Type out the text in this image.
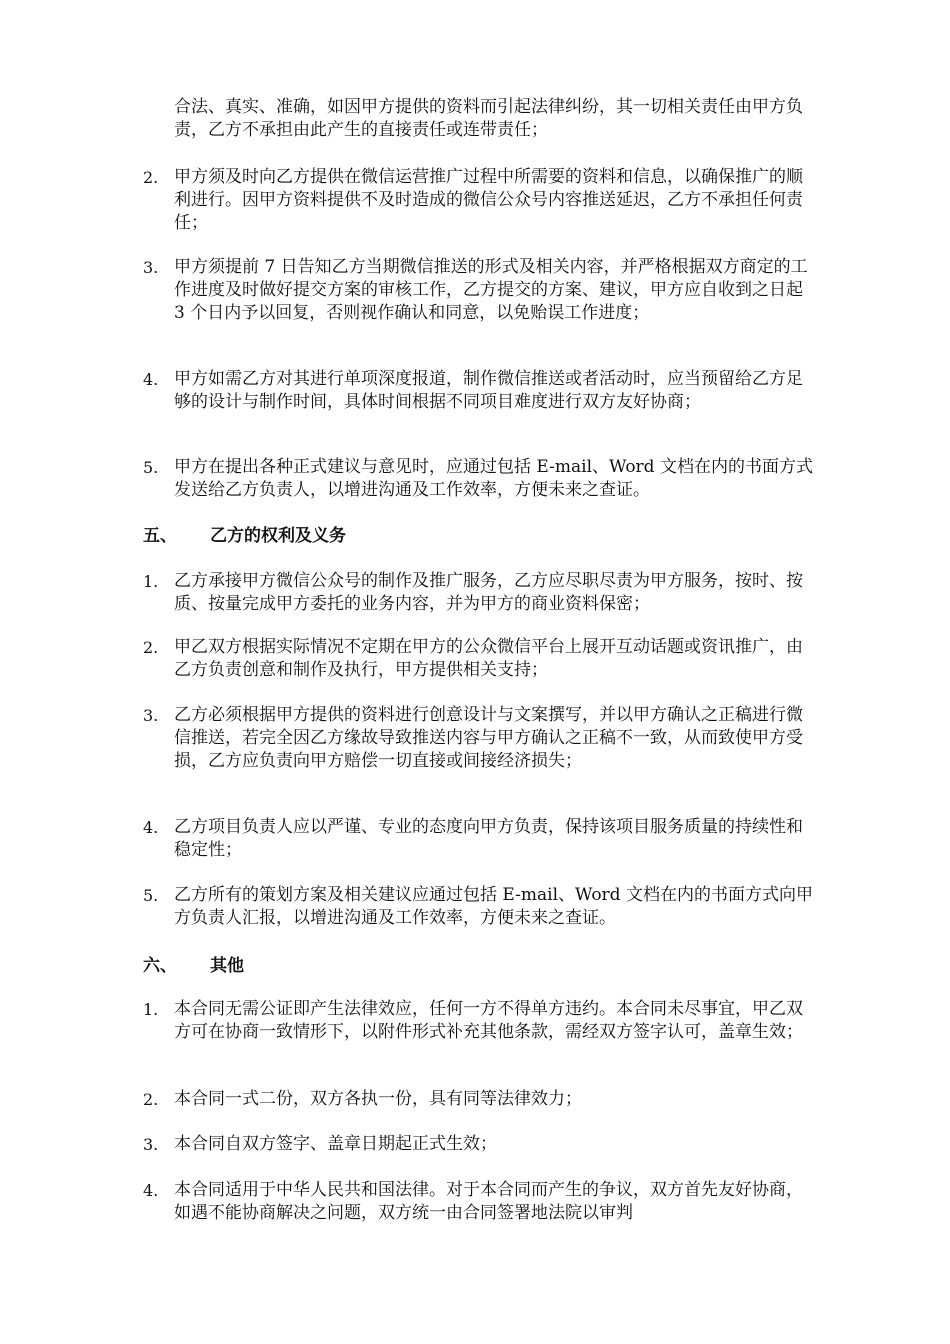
合法、真实、准确，如因甲方提供的资料而引起法律纠纷，其一切相关责任由甲方负责，乙方不承担由此产生的直接责任或连带责任；
2. 甲方须及时向乙方提供在微信运营推广过程中所需要的资料和信息，以确保推广的顺利进行。因甲方资料提供不及时造成的微信公众号内容推送延迟，乙方不承担任何责任；
3. 甲方须提前 7 日告知乙方当期微信推送的形式及相关内容，并严格根据双方商定的工作进度及时做好提交方案的审核工作，乙方提交的方案、建议，甲方应自收到之日起 3 个日内予以回复，否则视作确认和同意，以免贻误工作进度；
4. 甲方如需乙方对其进行单项深度报道，制作微信推送或者活动时，应当预留给乙方足够的设计与制作时间，具体时间根据不同项目难度进行双方友好协商；
5. 甲方在提出各种正式建议与意见时，应通过包括 E-mail、Word 文档在内的书面方式发送给乙方负责人，以增进沟通及工作效率，方便未来之查证。
五、 乙方的权利及义务
1. 乙方承接甲方微信公众号的制作及推广服务，乙方应尽职尽责为甲方服务，按时、按质、按量完成甲方委托的业务内容，并为甲方的商业资料保密；
2. 甲乙双方根据实际情况不定期在甲方的公众微信平台上展开互动话题或资讯推广，由乙方负责创意和制作及执行，甲方提供相关支持；
3. 乙方必须根据甲方提供的资料进行创意设计与文案撰写，并以甲方确认之正稿进行微信推送，若完全因乙方缘故导致推送内容与甲方确认之正稿不一致，从而致使甲方受损，乙方应负责向甲方赔偿一切直接或间接经济损失；
4. 乙方项目负责人应以严谨、专业的态度向甲方负责，保持该项目服务质量的持续性和稳定性；
5. 乙方所有的策划方案及相关建议应通过包括 E-mail、Word 文档在内的书面方式向甲方负责人汇报，以增进沟通及工作效率，方便未来之查证。
六、 其他
1. 本合同无需公证即产生法律效应，任何一方不得单方违约。本合同未尽事宜，甲乙双方可在协商一致情形下，以附件形式补充其他条款，需经双方签字认可，盖章生效；
2. 本合同一式二份，双方各执一份，具有同等法律效力；
3. 本合同自双方签字、盖章日期起正式生效；
4. 本合同适用于中华人民共和国法律。对于本合同而产生的争议，双方首先友好协商，如遇不能协商解决之问题，双方统一由合同签署地法院以审判
